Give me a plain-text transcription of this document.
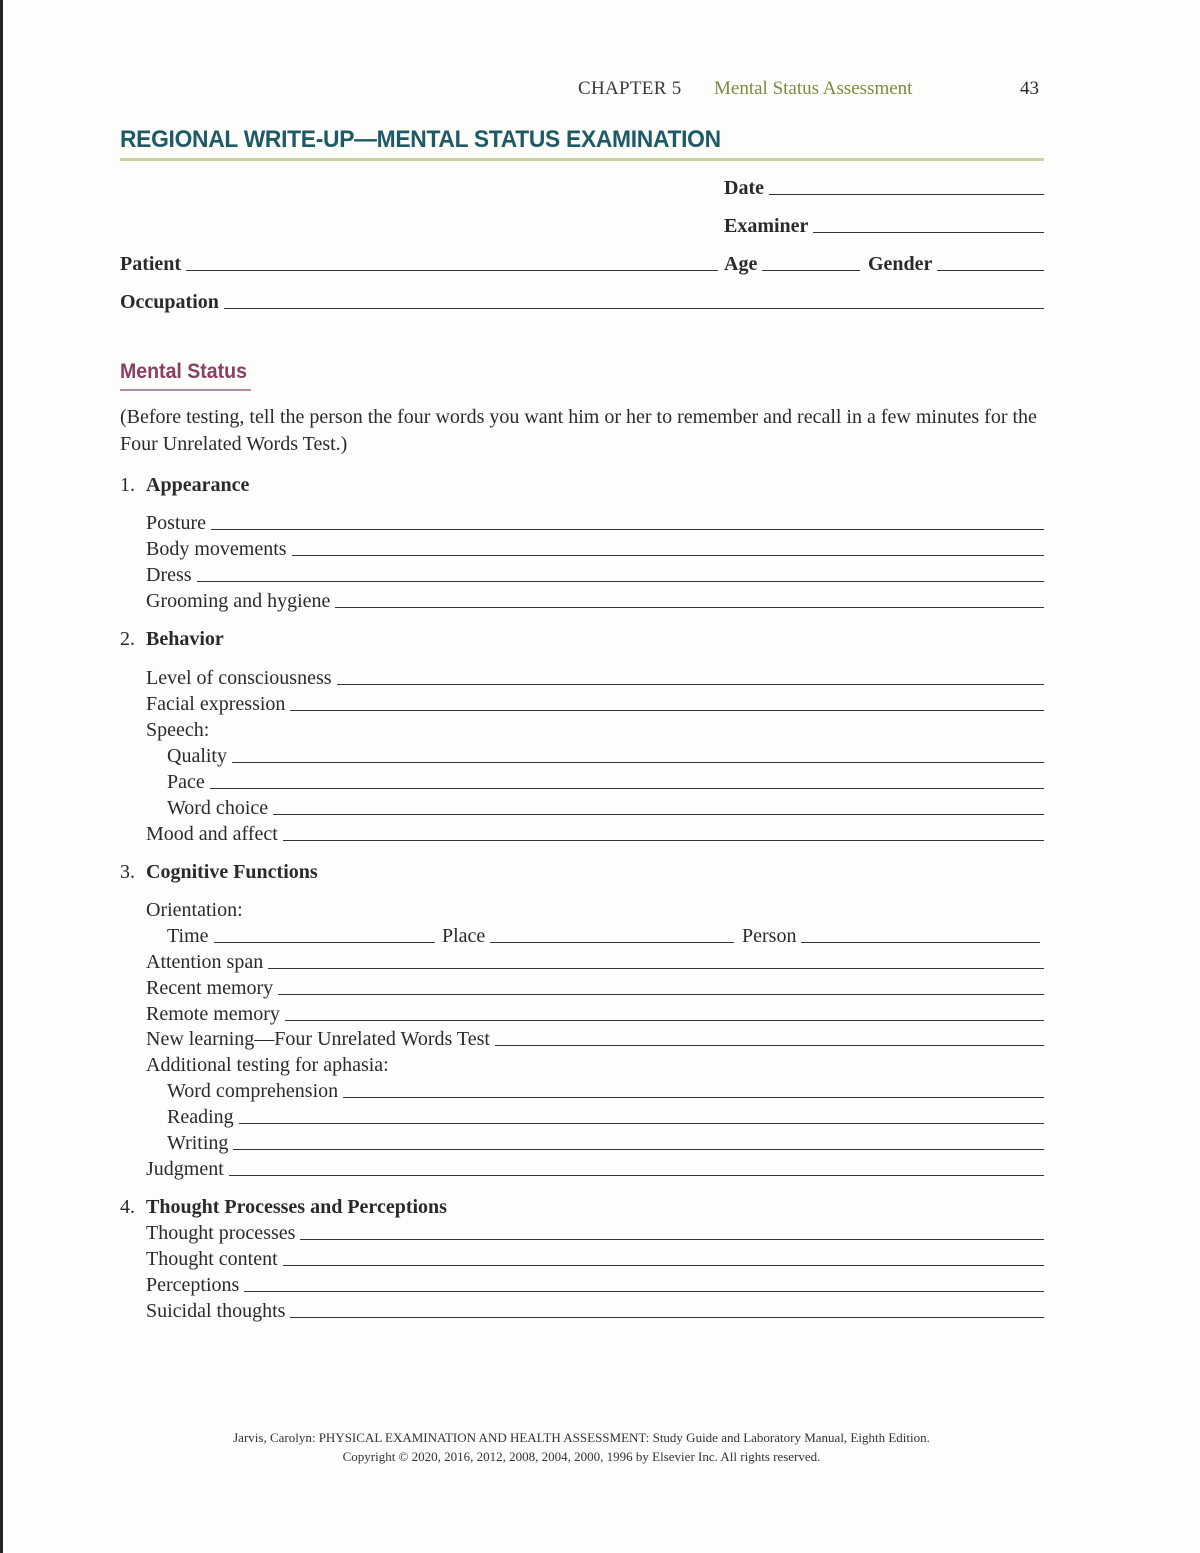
CHAPTER 5 Mental Status Assessment	43
REGIONAL WRITE-UP—MENTAL STATUS EXAMINATION
Date
Examiner
Patient	Age	Gender
Occupation
Mental Status
(Before testing, tell the person the four words you want him or her to remember and recall in a few minutes for the Four Unrelated Words Test.)
1. Appearance
Posture
Body movements
Dress
Grooming and hygiene
2. Behavior
Level of consciousness
Facial expression
Speech:
Quality
Pace
Word choice
Mood and affect
3. Cognitive Functions
Orientation:
Time	Place	Person
Attention span
Recent memory
Remote memory
New learning—Four Unrelated Words Test
Additional testing for aphasia:
Word comprehension
Reading
Writing
Judgment
4. Thought Processes and Perceptions
Thought processes
Thought content
Perceptions
Suicidal thoughts
Jarvis, Carolyn: PHYSICAL EXAMINATION AND HEALTH ASSESSMENT: Study Guide and Laboratory Manual, Eighth Edition.
Copyright © 2020, 2016, 2012, 2008, 2004, 2000, 1996 by Elsevier Inc. All rights reserved.
